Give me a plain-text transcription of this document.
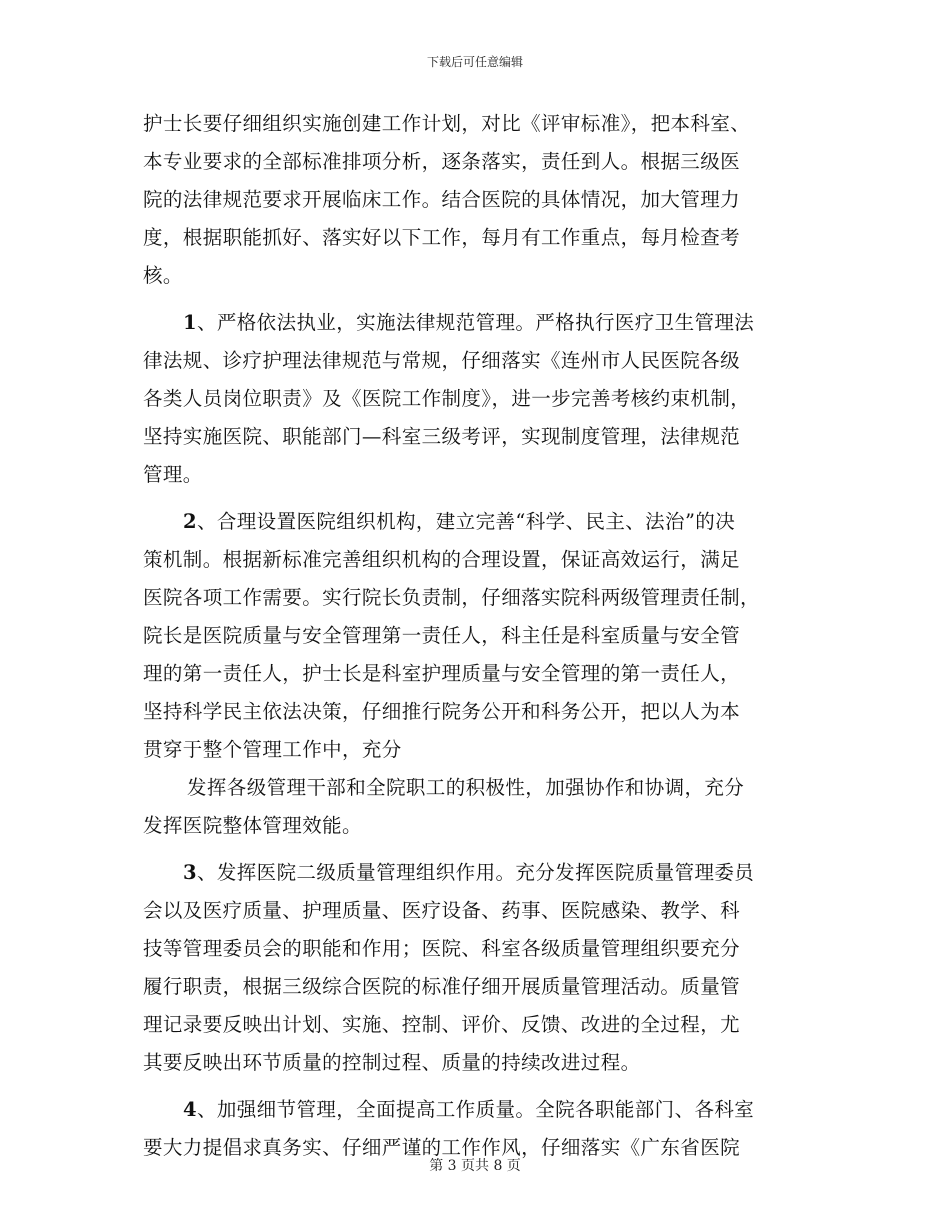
下载后可任意编辑
护士长要仔细组织实施创建工作计划，对比《评审标准》，把本科室、
本专业要求的全部标准排项分析，逐条落实，责任到人。根据三级医
院的法律规范要求开展临床工作。结合医院的具体情况，加大管理力
度，根据职能抓好、落实好以下工作，每月有工作重点，每月检查考
核。
1、严格依法执业，实施法律规范管理。严格执行医疗卫生管理法
律法规、诊疗护理法律规范与常规，仔细落实《连州市人民医院各级
各类人员岗位职责》及《医院工作制度》，进一步完善考核约束机制，
坚持实施医院、职能部门—科室三级考评，实现制度管理，法律规范
管理。
2、合理设置医院组织机构，建立完善“科学、民主、法治”的决
策机制。根据新标准完善组织机构的合理设置，保证高效运行，满足
医院各项工作需要。实行院长负责制，仔细落实院科两级管理责任制，
院长是医院质量与安全管理第一责任人，科主任是科室质量与安全管
理的第一责任人，护士长是科室护理质量与安全管理的第一责任人，
坚持科学民主依法决策，仔细推行院务公开和科务公开，把以人为本
贯穿于整个管理工作中，充分
发挥各级管理干部和全院职工的积极性，加强协作和协调，充分
发挥医院整体管理效能。
3、发挥医院二级质量管理组织作用。充分发挥医院质量管理委员
会以及医疗质量、护理质量、医疗设备、药事、医院感染、教学、科
技等管理委员会的职能和作用；医院、科室各级质量管理组织要充分
履行职责，根据三级综合医院的标准仔细开展质量管理活动。质量管
理记录要反映出计划、实施、控制、评价、反馈、改进的全过程，尤
其要反映出环节质量的控制过程、质量的持续改进过程。
4、加强细节管理，全面提高工作质量。全院各职能部门、各科室
要大力提倡求真务实、仔细严谨的工作作风，仔细落实《广东省医院
第 3 页共 8 页
